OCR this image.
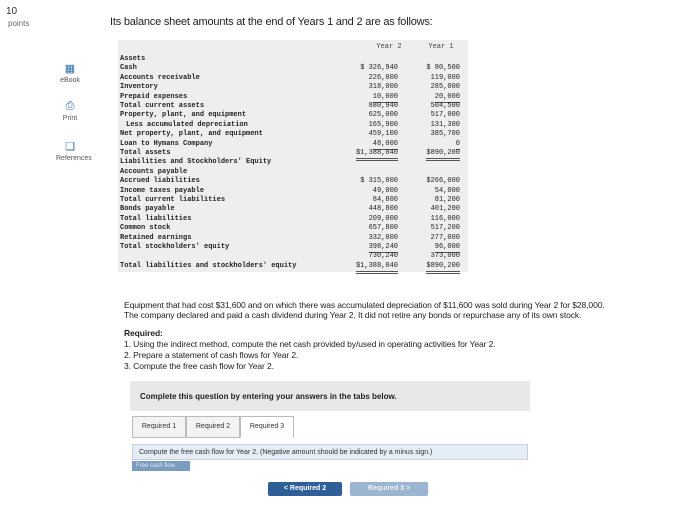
10
points	Its balance sheet amounts at the end of Years 1 and 2 are as follows:
▦
eBook
⎙
Print
❏
References
Year 2	Year 1
Assets
Cash	$ 326,940	$ 80,500
Accounts receivable	226,000	119,000
Inventory	318,000	285,000
Prepaid expenses	10,000	20,000
Total current assets	880,940	504,500
Property, plant, and equipment	625,000	517,000
Less accumulated depreciation	165,900	131,300
Net property, plant, and equipment	459,100	385,700
Loan to Hymans Company	48,000	0
Total assets	$1,388,040	$890,200
Liabilities and Stockholders' Equity
Accounts payable
Accrued liabilities	$ 315,000	$266,000
Income taxes payable	49,000	54,000
Total current liabilities	84,800	81,200
Bonds payable	448,800	401,200
Total liabilities	209,000	116,000
Common stock	657,800	517,200
Retained earnings	332,000	277,000
Total stockholders' equity	398,240	96,000
730,240	373,000
Total liabilities and stockholders' equity	$1,388,040	$890,200
Equipment that had cost $31,600 and on which there was accumulated depreciation of $11,600 was sold during Year 2 for $28,000.
The company declared and paid a cash dividend during Year 2. It did not retire any bonds or repurchase any of its own stock.
Required:
1. Using the indirect method, compute the net cash provided by/used in operating activities for Year 2.
2. Prepare a statement of cash flows for Year 2.
3. Compute the free cash flow for Year 2.
Complete this question by entering your answers in the tabs below.
Required 1	Required 2	Required 3
Compute the free cash flow for Year 2. (Negative amount should be indicated by a minus sign.)
Free cash flow
< Required 2	Required 3 >
